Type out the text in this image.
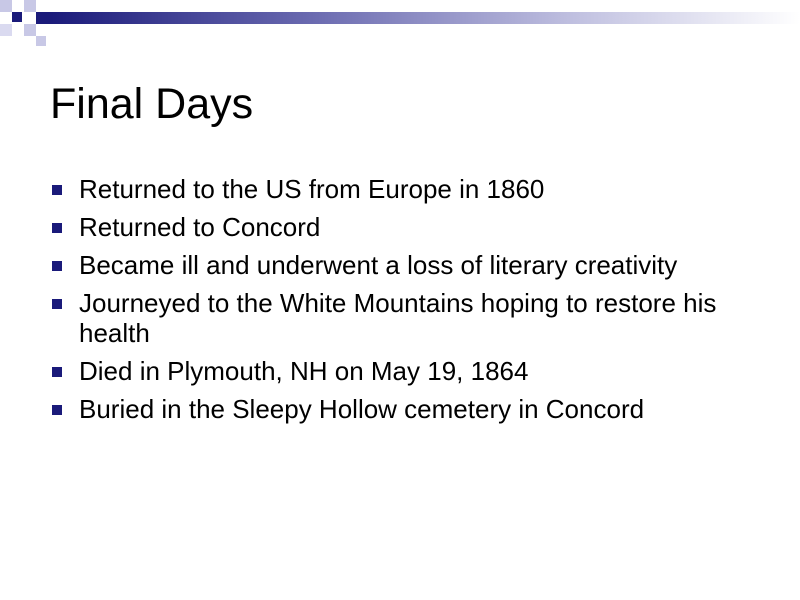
Final Days
Returned to the US from Europe in 1860
Returned to Concord
Became ill and underwent a loss of literary creativity
Journeyed to the White Mountains hoping to restore his health
Died in Plymouth, NH on May 19, 1864
Buried in the Sleepy Hollow cemetery in Concord
